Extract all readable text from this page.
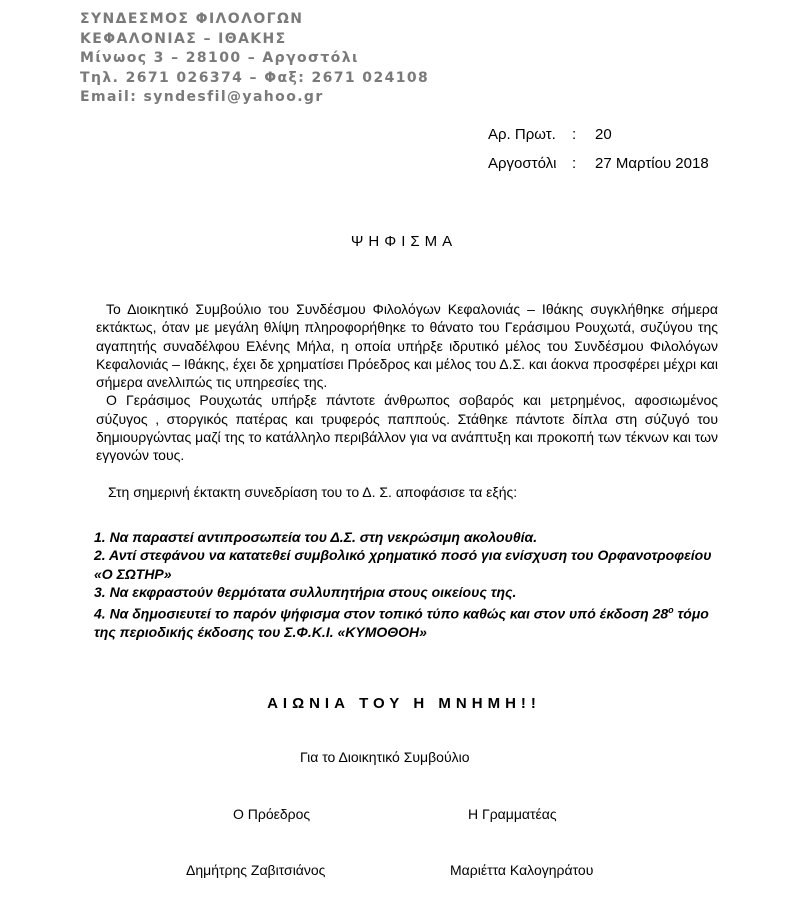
ΣΥΝΔΕΣΜΟΣ ΦΙΛΟΛΟΓΩΝ
ΚΕΦΑΛΟΝΙΑΣ – ΙΘΑΚΗΣ
Μίνωος 3 – 28100 – Αργοστόλι
Τηλ. 2671 026374 – Φαξ: 2671 024108
Email: syndesfil@yahoo.gr
Αρ. Πρωτ.	:	20
Αργοστόλι	:	27 Μαρτίου 2018
ΨΗΦΙΣΜΑ

Το Διοικητικό Συμβούλιο του Συνδέσμου Φιλολόγων Κεφαλονιάς – Ιθάκης συγκλήθηκε σήμερα εκτάκτως, όταν με μεγάλη θλίψη πληροφορήθηκε το θάνατο του Γεράσιμου Ρουχωτά, συζύγου της αγαπητής συναδέλφου Ελένης Μήλα, η οποία υπήρξε ιδρυτικό μέλος του Συνδέσμου Φιλολόγων Κεφαλονιάς – Ιθάκης, έχει δε χρηματίσει Πρόεδρος και μέλος του Δ.Σ. και άοκνα προσφέρει μέχρι και σήμερα ανελλιπώς τις υπηρεσίες της.

Ο Γεράσιμος Ρουχωτάς υπήρξε πάντοτε άνθρωπος σοβαρός και μετρημένος, αφοσιωμένος σύζυγος , στοργικός πατέρας και τρυφερός παππούς. Στάθηκε πάντοτε δίπλα στη σύζυγό του δημιουργώντας μαζί της το κατάλληλο περιβάλλον για να ανάπτυξη και προκοπή των τέκνων και των εγγονών τους.

Στη σημερινή έκτακτη συνεδρίαση του το Δ. Σ. αποφάσισε τα εξής:

1. Να παραστεί αντιπροσωπεία του Δ.Σ. στη νεκρώσιμη ακολουθία.
2. Αντί στεφάνου να κατατεθεί συμβολικό χρηματικό ποσό για ενίσχυση του Ορφανοτροφείου «Ο ΣΩΤΗΡ»
3. Να εκφραστούν θερμότατα συλλυπητήρια στους οικείους της.
4. Να δημοσιευτεί το παρόν ψήφισμα στον τοπικό τύπο καθώς και στον υπό έκδοση $28^o$ τόμο της περιοδικής έκδοσης του Σ.Φ.Κ.Ι. «ΚΥΜΟΘΟΗ»
ΑΙΩΝΙΑ ΤΟΥ Η ΜΝΗΜΗ!!
Για το Διοικητικό Συμβούλιο
Ο Πρόεδρος	Η Γραμματέας
Δημήτρης Ζαβιτσιάνος	Μαριέττα Καλογηράτου
